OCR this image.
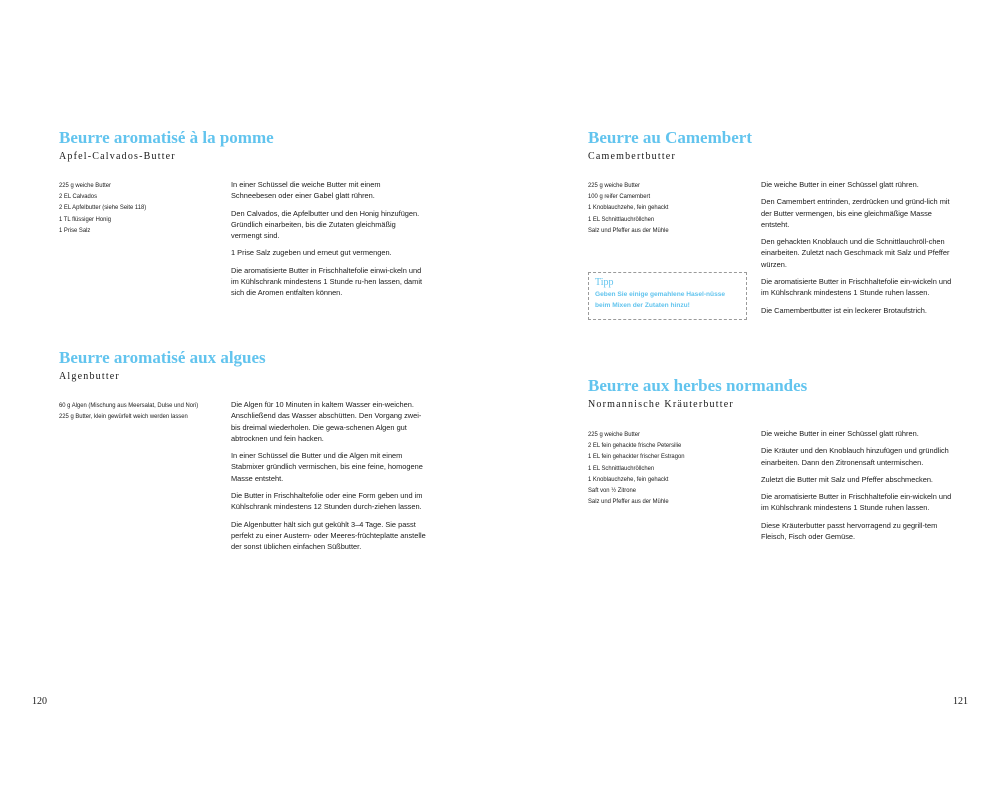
Beurre aromatisé à la pomme
Apfel-Calvados-Butter
225 g weiche Butter
2 EL Calvados
2 EL Apfelbutter (siehe Seite 118)
1 TL flüssiger Honig
1 Prise Salz

In einer Schüssel die weiche Butter mit einem Schneebesen oder einer Gabel glatt rühren.

Den Calvados, die Apfelbutter und den Honig hinzufügen. Gründlich einarbeiten, bis die Zutaten gleichmäßig vermengt sind.

1 Prise Salz zugeben und erneut gut vermengen.

Die aromatisierte Butter in Frischhaltefolie einwi-ckeln und im Kühlschrank mindestens 1 Stunde ru-hen lassen, damit sich die Aromen entfalten können.

Beurre aromatisé aux algues
Algenbutter
60 g Algen (Mischung aus Meersalat, Dulse und Nori)
225 g Butter, klein gewürfelt weich werden lassen

Die Algen für 10 Minuten in kaltem Wasser ein-weichen. Anschließend das Wasser abschütten. Den Vorgang zwei- bis dreimal wiederholen. Die gewa-schenen Algen gut abtrocknen und fein hacken.

In einer Schüssel die Butter und die Algen mit einem Stabmixer gründlich vermischen, bis eine feine, homogene Masse entsteht.

Die Butter in Frischhaltefolie oder eine Form geben und im Kühlschrank mindestens 12 Stunden durch-ziehen lassen.

Die Algenbutter hält sich gut gekühlt 3–4 Tage. Sie passt perfekt zu einer Austern- oder Meeres-früchteplatte anstelle der sonst üblichen einfachen Süßbutter.

120
Beurre au Camembert
Camembertbutter
225 g weiche Butter
100 g reifer Camembert
1 Knoblauchzehe, fein gehackt
1 EL Schnittlauchröllchen
Salz und Pfeffer aus der Mühle
Tipp
Geben Sie einige gemahlene Hasel-nüsse beim Mixen der Zutaten hinzu!

Die weiche Butter in einer Schüssel glatt rühren.

Den Camembert entrinden, zerdrücken und gründ-lich mit der Butter vermengen, bis eine gleichmäßige Masse entsteht.

Den gehackten Knoblauch und die Schnittlauchröll-chen einarbeiten. Zuletzt nach Geschmack mit Salz und Pfeffer würzen.

Die aromatisierte Butter in Frischhaltefolie ein-wickeln und im Kühlschrank mindestens 1 Stunde ruhen lassen.

Die Camembertbutter ist ein leckerer Brotaufstrich.

Beurre aux herbes normandes
Normannische Kräuterbutter
225 g weiche Butter
2 EL fein gehackte frische Petersilie
1 EL fein gehackter frischer Estragon
1 EL Schnittlauchröllchen
1 Knoblauchzehe, fein gehackt
Saft von ½ Zitrone
Salz und Pfeffer aus der Mühle

Die weiche Butter in einer Schüssel glatt rühren.

Die Kräuter und den Knoblauch hinzufügen und gründlich einarbeiten. Dann den Zitronensaft untermischen.

Zuletzt die Butter mit Salz und Pfeffer abschmecken.

Die aromatisierte Butter in Frischhaltefolie ein-wickeln und im Kühlschrank mindestens 1 Stunde ruhen lassen.

Diese Kräuterbutter passt hervorragend zu gegrill-tem Fleisch, Fisch oder Gemüse.

121
